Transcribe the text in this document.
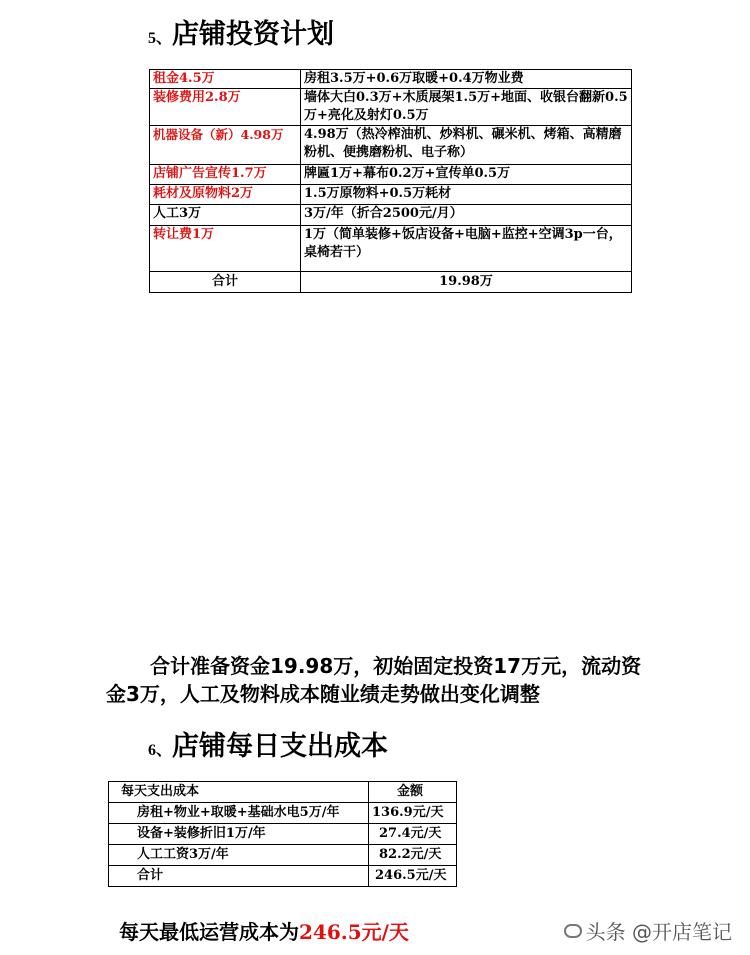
5、店铺投资计划
租金4.5万	房租3.5万+0.6万取暖+0.4万物业费
装修费用2.8万	墙体大白0.3万+木质展架1.5万+地面、收银台翻新0.5万+亮化及射灯0.5万
机器设备（新）4.98万	4.98万（热冷榨油机、炒料机、碾米机、烤箱、高精磨粉机、便携磨粉机、电子称）
店铺广告宣传1.7万	牌匾1万+幕布0.2万+宣传单0.5万
耗材及原物料2万	1.5万原物料+0.5万耗材
人工3万	3万/年（折合2500元/月）
转让费1万	1万（简单装修+饭店设备+电脑+监控+空调3p一台，桌椅若干）
合计	19.98万
合计准备资金19.98万，初始固定投资17万元，流动资金3万，人工及物料成本随业绩走势做出变化调整
6、店铺每日支出成本
每天支出成本	金额
房租+物业+取暖+基础水电5万/年	136.9元/天
设备+装修折旧1万/年	27.4元/天
人工工资3万/年	82.2元/天
合计	246.5元/天
每天最低运营成本为246.5元/天	头条 @开店笔记
